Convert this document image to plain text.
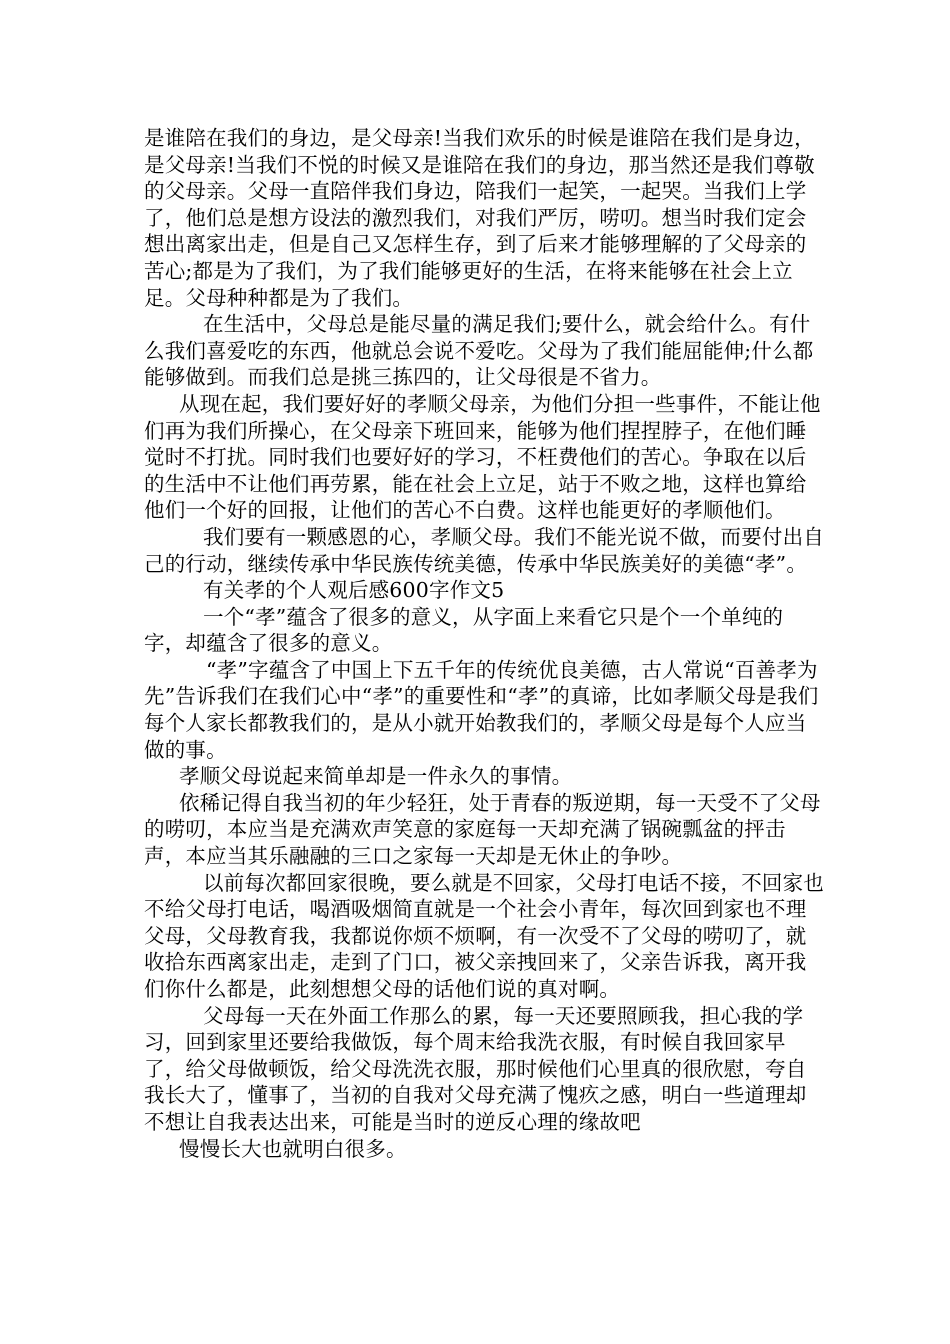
是谁陪在我们的身边，是父母亲!当我们欢乐的时候是谁陪在我们是身边，是父母亲!当我们不悦的时候又是谁陪在我们的身边，那当然还是我们尊敬的父母亲。父母一直陪伴我们身边，陪我们一起笑，一起哭。当我们上学了，他们总是想方设法的激烈我们，对我们严厉，唠叨。想当时我们定会想出离家出走，但是自己又怎样生存，到了后来才能够理解的了父母亲的苦心;都是为了我们，为了我们能够更好的生活，在将来能够在社会上立足。父母种种都是为了我们。

在生活中，父母总是能尽量的满足我们;要什么，就会给什么。有什么我们喜爱吃的东西，他就总会说不爱吃。父母为了我们能屈能伸;什么都能够做到。而我们总是挑三拣四的，让父母很是不省力。

从现在起，我们要好好的孝顺父母亲，为他们分担一些事件，不能让他们再为我们所操心，在父母亲下班回来，能够为他们捏捏脖子，在他们睡觉时不打扰。同时我们也要好好的学习，不枉费他们的苦心。争取在以后的生活中不让他们再劳累，能在社会上立足，站于不败之地，这样也算给他们一个好的回报，让他们的苦心不白费。这样也能更好的孝顺他们。

我们要有一颗感恩的心，孝顺父母。我们不能光说不做，而要付出自己的行动，继续传承中华民族传统美德，传承中华民族美好的美德“孝”。

有关孝的个人观后感600字作文5

一个“孝”蕴含了很多的意义，从字面上来看它只是个一个单纯的字，却蕴含了很多的意义。

“孝”字蕴含了中国上下五千年的传统优良美德，古人常说“百善孝为先”告诉我们在我们心中“孝”的重要性和“孝”的真谛，比如孝顺父母是我们每个人家长都教我们的，是从小就开始教我们的，孝顺父母是每个人应当做的事。

孝顺父母说起来简单却是一件永久的事情。

依稀记得自我当初的年少轻狂，处于青春的叛逆期，每一天受不了父母的唠叨，本应当是充满欢声笑意的家庭每一天却充满了锅碗瓢盆的抨击声，本应当其乐融融的三口之家每一天却是无休止的争吵。

以前每次都回家很晚，要么就是不回家，父母打电话不接，不回家也不给父母打电话，喝酒吸烟简直就是一个社会小青年，每次回到家也不理父母，父母教育我，我都说你烦不烦啊，有一次受不了父母的唠叨了，就收拾东西离家出走，走到了门口，被父亲拽回来了，父亲告诉我，离开我们你什么都是，此刻想想父母的话他们说的真对啊。

父母每一天在外面工作那么的累，每一天还要照顾我，担心我的学习，回到家里还要给我做饭，每个周末给我洗衣服，有时候自我回家早了，给父母做顿饭，给父母洗洗衣服，那时候他们心里真的很欣慰，夸自我长大了，懂事了，当初的自我对父母充满了愧疚之感，明白一些道理却不想让自我表达出来，可能是当时的逆反心理的缘故吧

慢慢长大也就明白很多。
